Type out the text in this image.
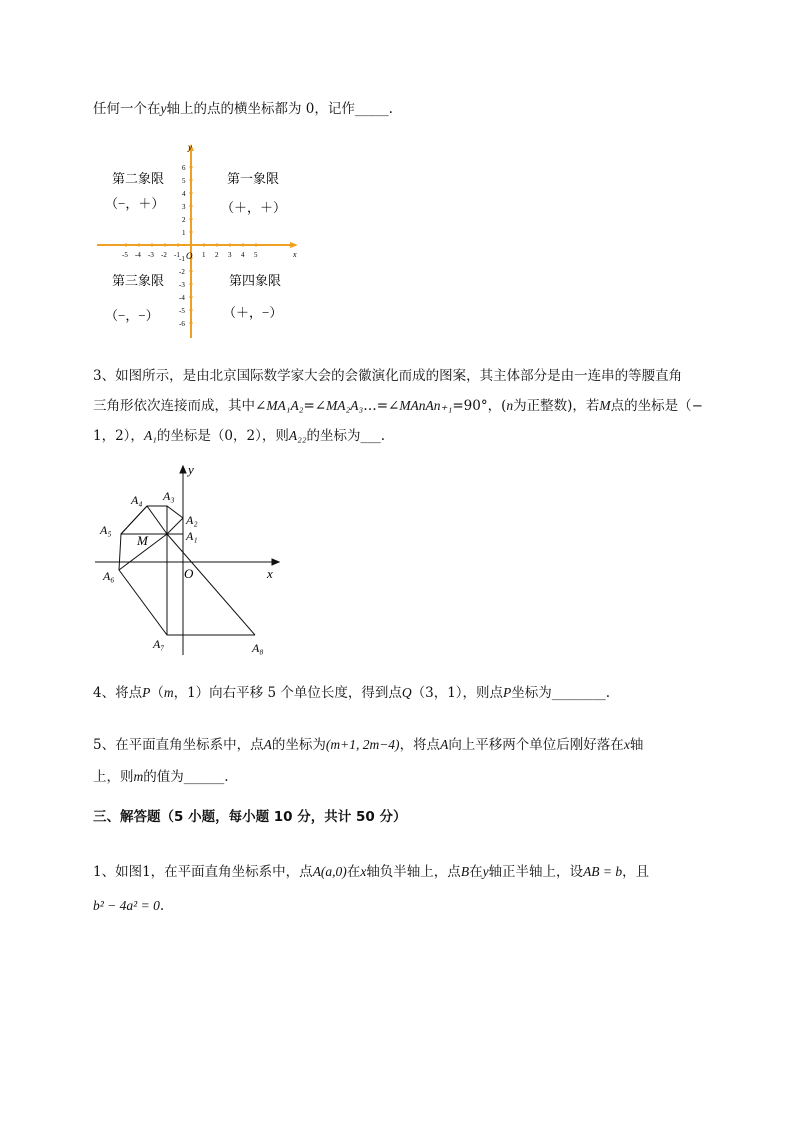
任何一个在y轴上的点的横坐标都为 0，记作_____.
y
x
O
-5 -4 -3 -2 -1	1 2 3 4 5
6
5
4
3
2
1
-1
-2
-3
-4
-5
-6
第二象限
（−，＋）
第一象限
（＋，＋）
第三象限
（−，−）
第四象限
（＋，−）
3、如图所示，是由北京国际数学家大会的会徽演化而成的图案，其主体部分是由一连串的等腰直角
三角形依次连接而成，其中∠MA₁A₂=∠MA₂A₃…=∠MAnAn₊₁=90°，(n为正整数)，若M点的坐标是（−
1，2），A₁的坐标是（0，2），则A₂₂的坐标为___.
y
x
O
M	A₁
A₂
A₃
A₄
A₅
A₆
A₇	A₈
4、将点P（m，1）向右平移 5 个单位长度，得到点Q（3，1），则点P坐标为________.
5、在平面直角坐标系中，点A的坐标为(m+1, 2m−4)，将点A向上平移两个单位后刚好落在x轴
上，则m的值为______.
三、解答题（5 小题，每小题 10 分，共计 50 分）
1、如图1，在平面直角坐标系中，点A(a,0)在x轴负半轴上，点B在y轴正半轴上，设AB = b，且
b² − 4a² = 0.
